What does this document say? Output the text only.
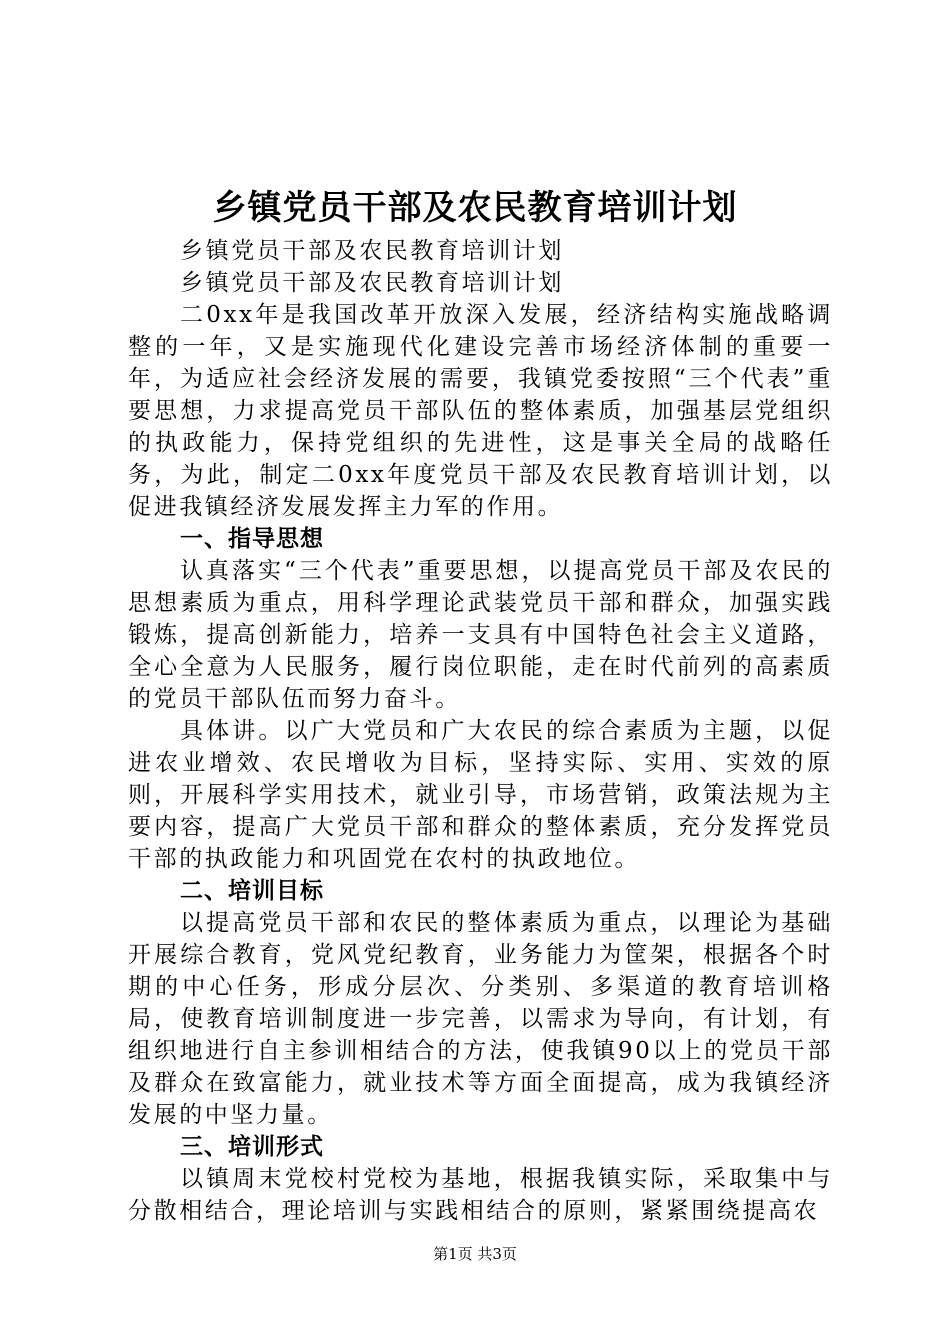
乡镇党员干部及农民教育培训计划

乡镇党员干部及农民教育培训计划

乡镇党员干部及农民教育培训计划

二0xx年是我国改革开放深入发展，经济结构实施战略调整的一年，又是实施现代化建设完善市场经济体制的重要一年，为适应社会经济发展的需要，我镇党委按照“三个代表”重要思想，力求提高党员干部队伍的整体素质，加强基层党组织的执政能力，保持党组织的先进性，这是事关全局的战略任务，为此，制定二0xx年度党员干部及农民教育培训计划，以促进我镇经济发展发挥主力军的作用。

一、指导思想

认真落实“三个代表”重要思想，以提高党员干部及农民的思想素质为重点，用科学理论武装党员干部和群众，加强实践锻炼，提高创新能力，培养一支具有中国特色社会主义道路，全心全意为人民服务，履行岗位职能，走在时代前列的高素质的党员干部队伍而努力奋斗。

具体讲。以广大党员和广大农民的综合素质为主题，以促进农业增效、农民增收为目标，坚持实际、实用、实效的原则，开展科学实用技术，就业引导，市场营销，政策法规为主要内容，提高广大党员干部和群众的整体素质，充分发挥党员干部的执政能力和巩固党在农村的执政地位。

二、培训目标

以提高党员干部和农民的整体素质为重点，以理论为基础开展综合教育，党风党纪教育，业务能力为筐架，根据各个时期的中心任务，形成分层次、分类别、多渠道的教育培训格局，使教育培训制度进一步完善，以需求为导向，有计划，有组织地进行自主参训相结合的方法，使我镇90以上的党员干部及群众在致富能力，就业技术等方面全面提高，成为我镇经济发展的中坚力量。

三、培训形式

以镇周末党校村党校为基地，根据我镇实际，采取集中与分散相结合，理论培训与实践相结合的原则，紧紧围绕提高农

第1页 共3页
